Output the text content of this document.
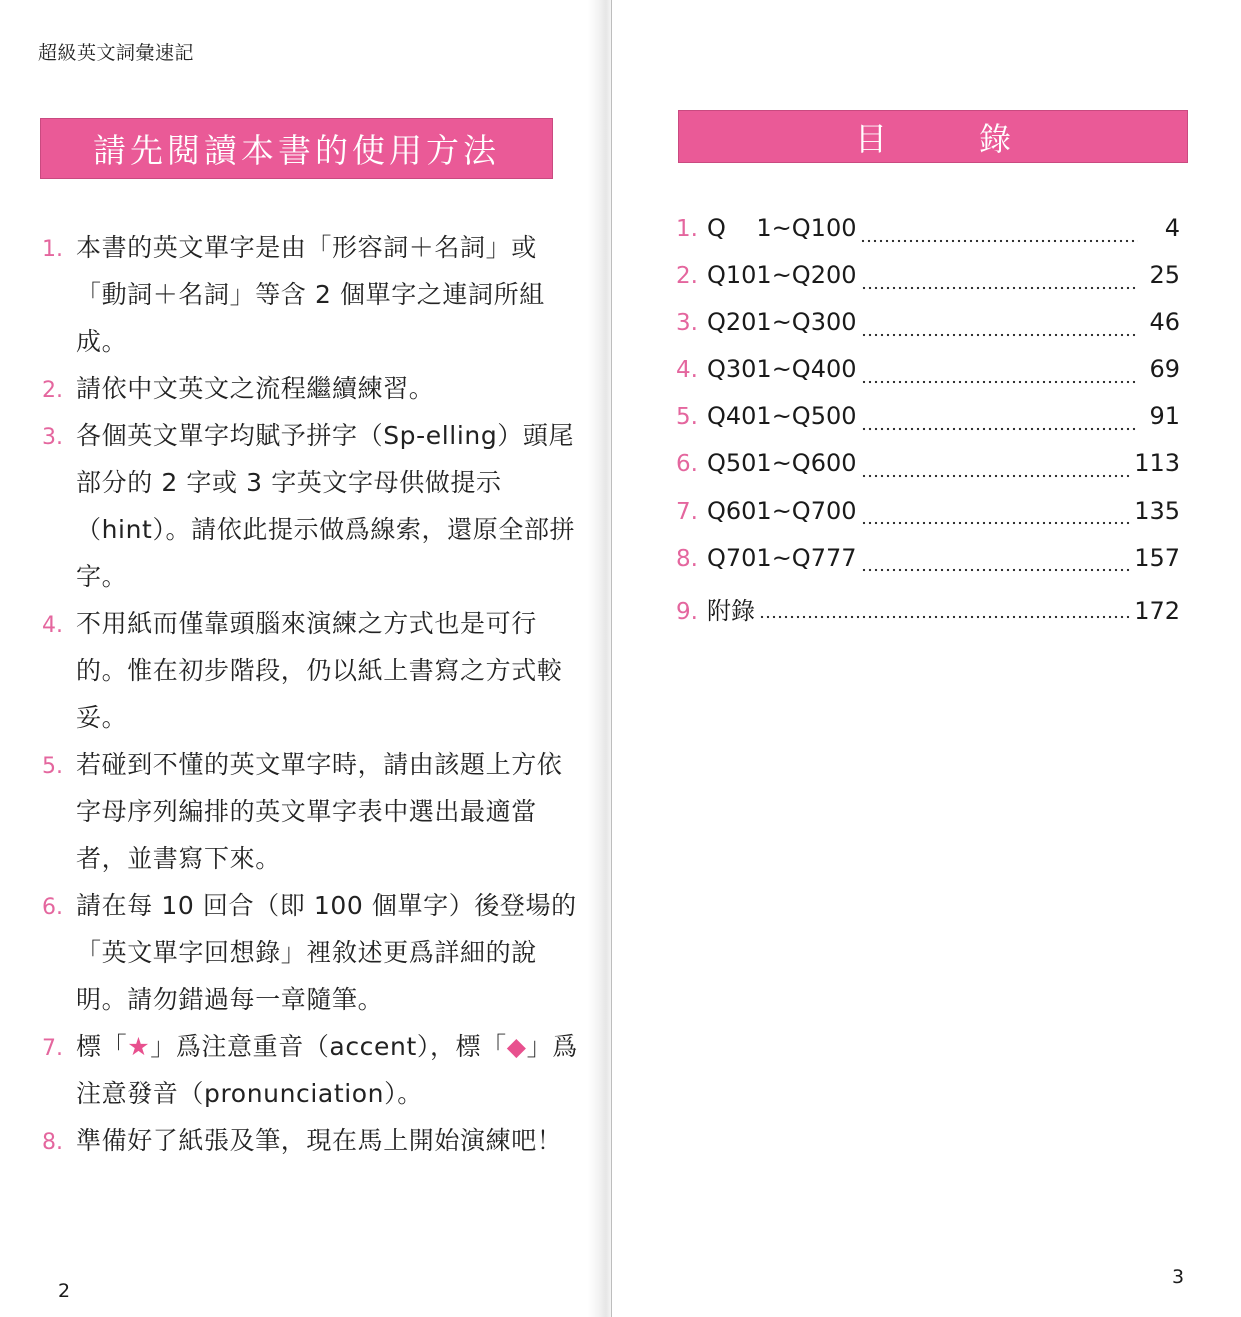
超級英文詞彙速記
請先閱讀本書的使用方法
1. 本書的英文單字是由「形容詞＋名詞」或「動詞＋名詞」等含 2 個單字之連詞所組成。
2. 請依中文英文之流程繼續練習。
3. 各個英文單字均賦予拼字（Sp-elling）頭尾部分的 2 字或 3 字英文字母供做提示（hint）。請依此提示做爲線索，還原全部拼字。
4. 不用紙而僅靠頭腦來演練之方式也是可行的。惟在初步階段，仍以紙上書寫之方式較妥。
5. 若碰到不懂的英文單字時，請由該題上方依字母序列編排的英文單字表中選出最適當者，並書寫下來。
6. 請在每 10 回合（即 100 個單字）後登場的「英文單字回想錄」裡敘述更爲詳細的說明。請勿錯過每一章隨筆。
7. 標「★」爲注意重音（accent），標「◆」爲注意發音（pronunciation）。
8. 準備好了紙張及筆，現在馬上開始演練吧！
2
目	錄
1. Q    1~Q100	4
2. Q101~Q200	25
3. Q201~Q300	46
4. Q301~Q400	69
5. Q401~Q500	91
6. Q501~Q600	113
7. Q601~Q700	135
8. Q701~Q777	157
9. 附錄	172
3
